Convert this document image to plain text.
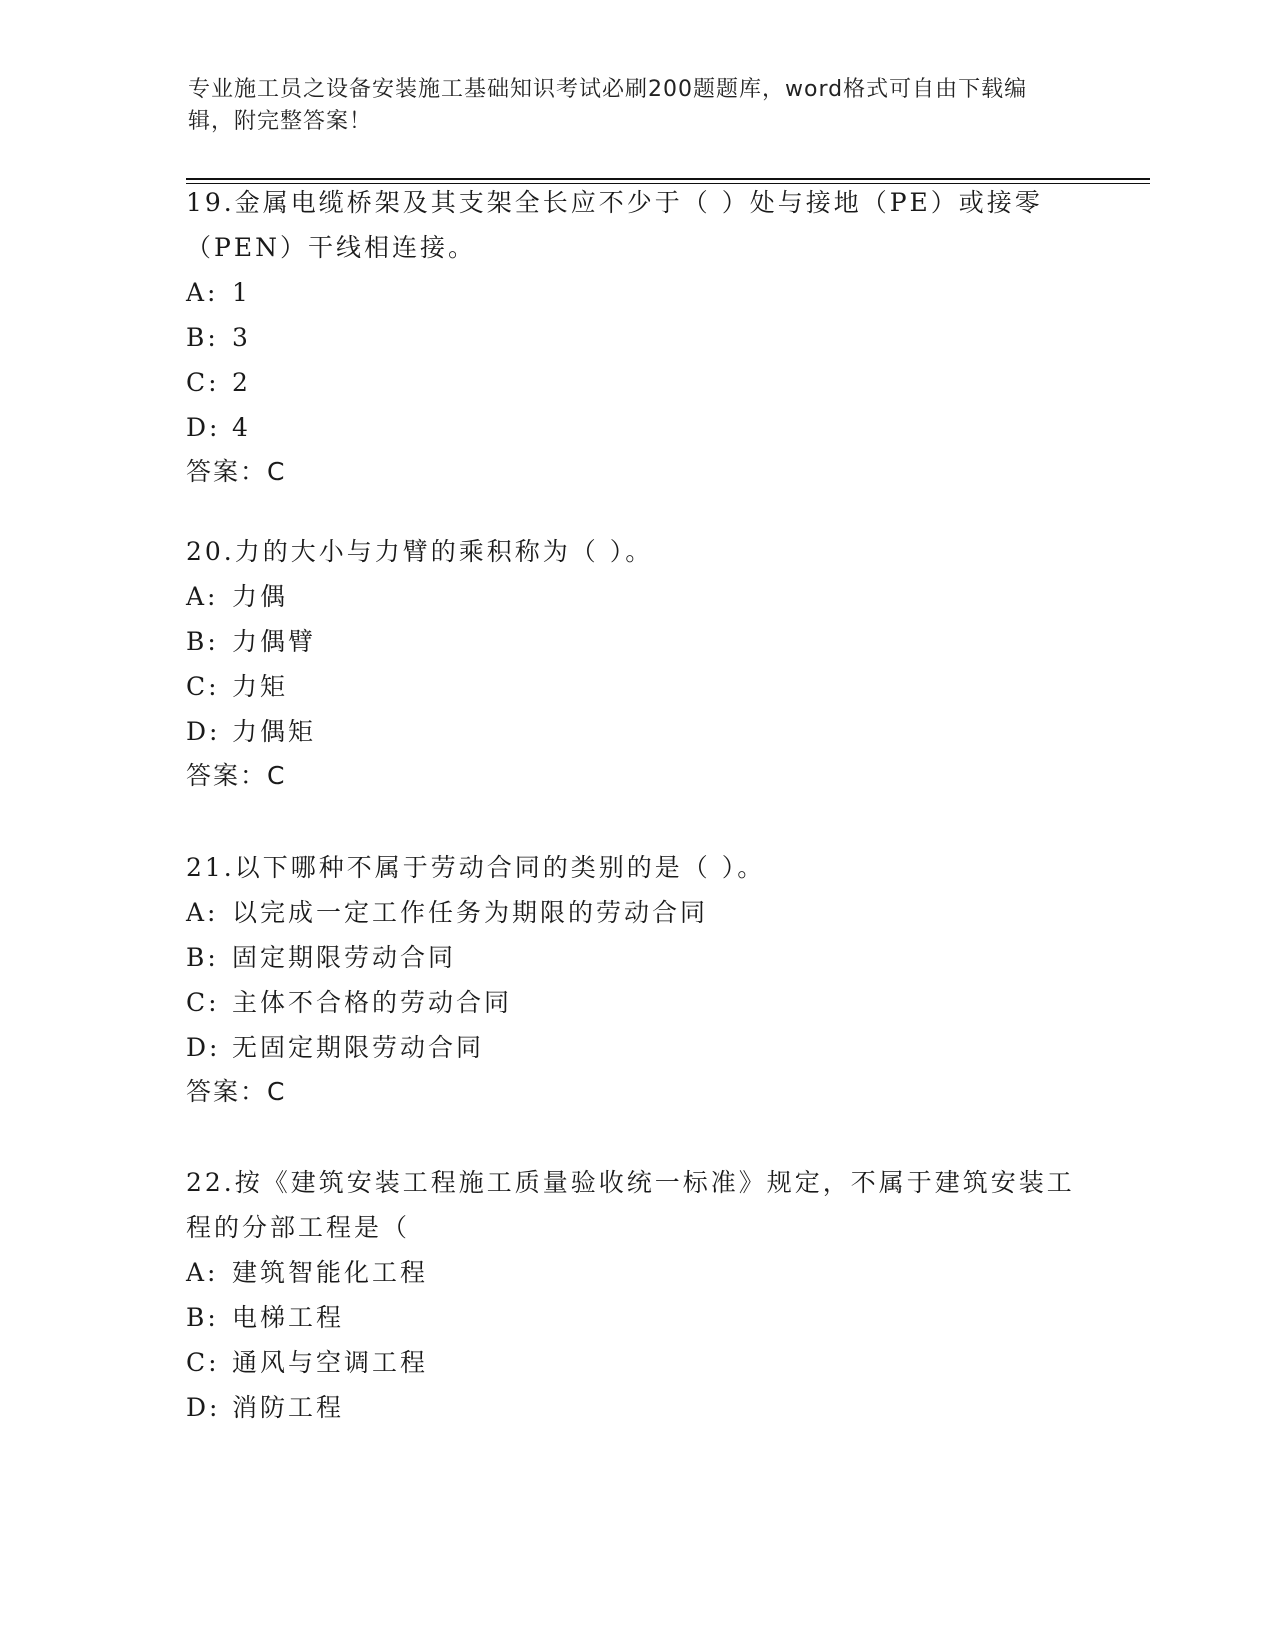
专业施工员之设备安装施工基础知识考试必刷200题题库，word格式可自由下载编辑，附完整答案！

19.金属电缆桥架及其支架全长应不少于（ ）处与接地（PE）或接零（PEN）干线相连接。

A: 1

B: 3

C: 2

D: 4

答案：C

20.力的大小与力臂的乘积称为（ ）。

A: 力偶

B: 力偶臂

C: 力矩

D: 力偶矩

答案：C

21.以下哪种不属于劳动合同的类别的是（ ）。

A: 以完成一定工作任务为期限的劳动合同

B: 固定期限劳动合同

C: 主体不合格的劳动合同

D: 无固定期限劳动合同

答案：C

22.按《建筑安装工程施工质量验收统一标准》规定，不属于建筑安装工程的分部工程是（

A: 建筑智能化工程

B: 电梯工程

C: 通风与空调工程

D: 消防工程
